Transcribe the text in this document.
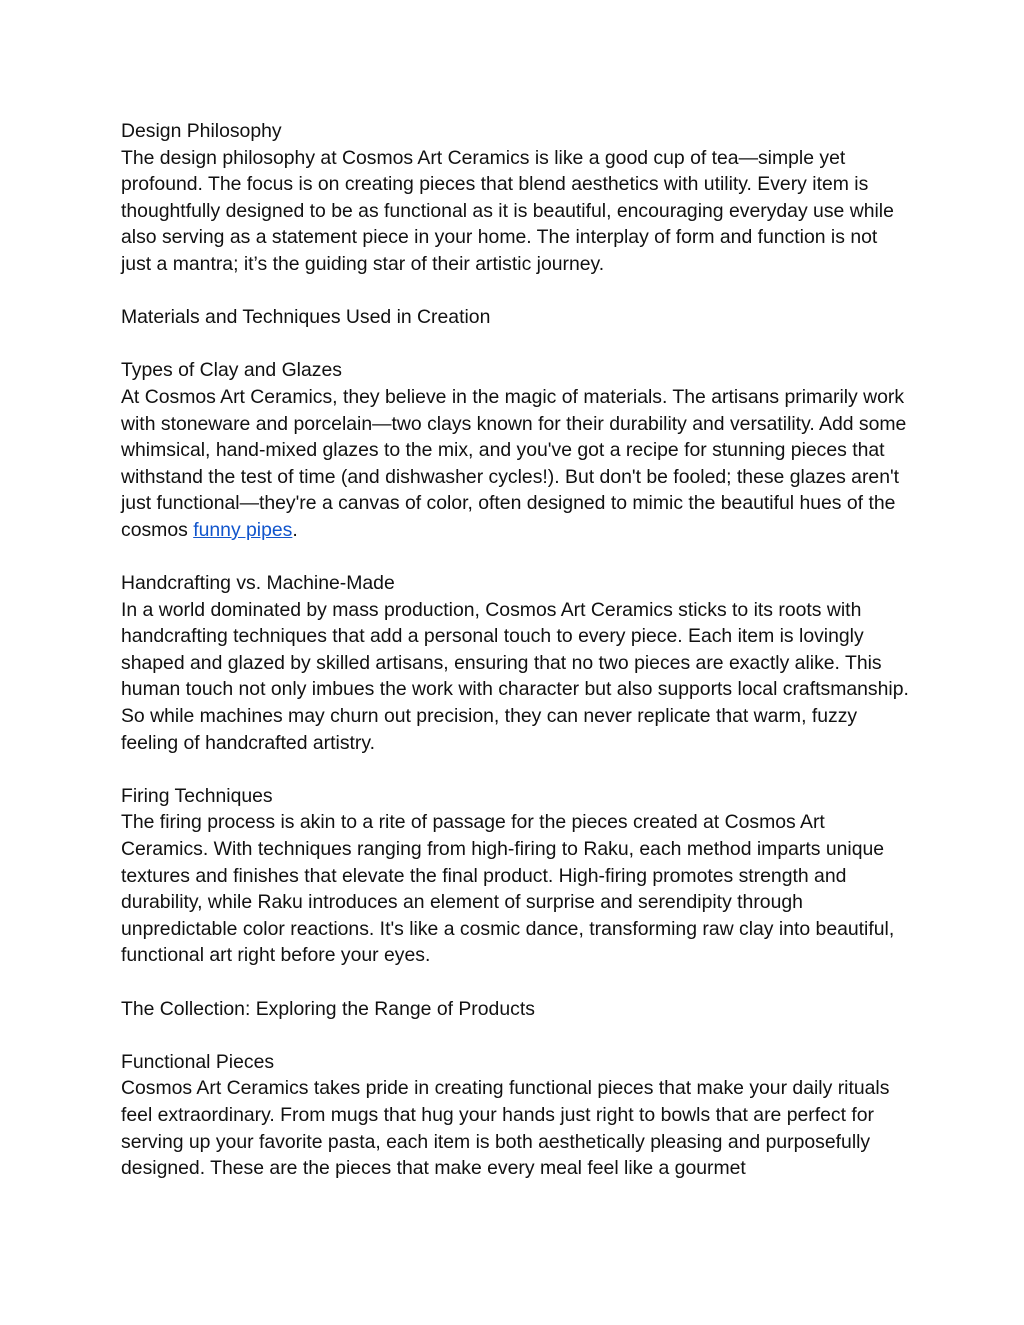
Design Philosophy

The design philosophy at Cosmos Art Ceramics is like a good cup of tea—simple yet profound. The focus is on creating pieces that blend aesthetics with utility. Every item is thoughtfully designed to be as functional as it is beautiful, encouraging everyday use while also serving as a statement piece in your home. The interplay of form and function is not just a mantra; it’s the guiding star of their artistic journey.

Materials and Techniques Used in Creation

Types of Clay and Glazes

At Cosmos Art Ceramics, they believe in the magic of materials. The artisans primarily work with stoneware and porcelain—two clays known for their durability and versatility. Add some whimsical, hand-mixed glazes to the mix, and you've got a recipe for stunning pieces that withstand the test of time (and dishwasher cycles!). But don't be fooled; these glazes aren't just functional—they're a canvas of color, often designed to mimic the beautiful hues of the cosmos funny pipes.

Handcrafting vs. Machine-Made

In a world dominated by mass production, Cosmos Art Ceramics sticks to its roots with handcrafting techniques that add a personal touch to every piece. Each item is lovingly shaped and glazed by skilled artisans, ensuring that no two pieces are exactly alike. This human touch not only imbues the work with character but also supports local craftsmanship. So while machines may churn out precision, they can never replicate that warm, fuzzy feeling of handcrafted artistry.

Firing Techniques

The firing process is akin to a rite of passage for the pieces created at Cosmos Art Ceramics. With techniques ranging from high-firing to Raku, each method imparts unique textures and finishes that elevate the final product. High-firing promotes strength and durability, while Raku introduces an element of surprise and serendipity through unpredictable color reactions. It's like a cosmic dance, transforming raw clay into beautiful, functional art right before your eyes.

The Collection: Exploring the Range of Products

Functional Pieces

Cosmos Art Ceramics takes pride in creating functional pieces that make your daily rituals feel extraordinary. From mugs that hug your hands just right to bowls that are perfect for serving up your favorite pasta, each item is both aesthetically pleasing and purposefully designed. These are the pieces that make every meal feel like a gourmet
